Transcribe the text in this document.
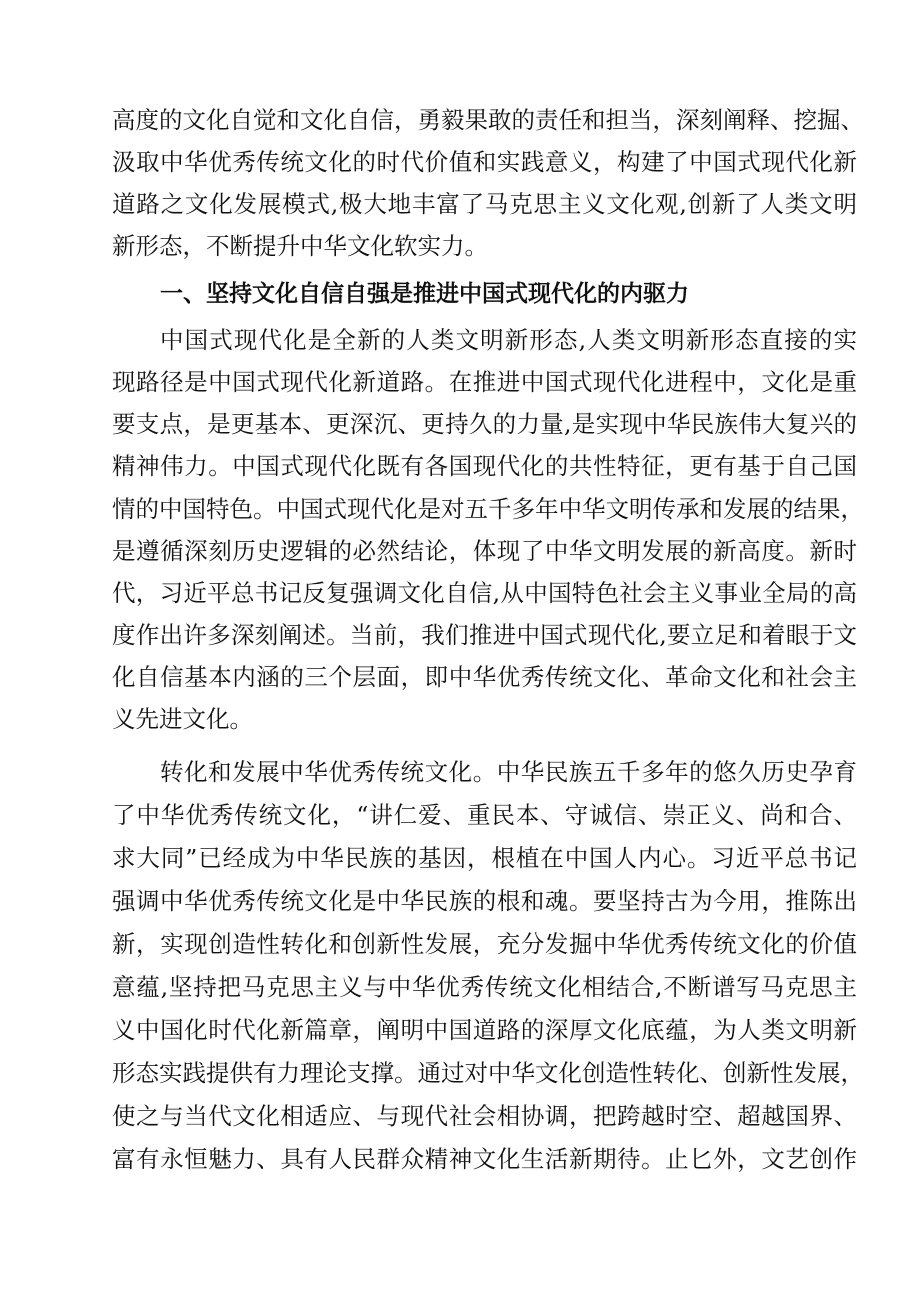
高度的文化自觉和文化自信，勇毅果敢的责任和担当，深刻阐释、挖掘、
汲取中华优秀传统文化的时代价值和实践意义，构建了中国式现代化新
道路之文化发展模式,极大地丰富了马克思主义文化观,创新了人类文明
新形态，不断提升中华文化软实力。
一、坚持文化自信自强是推进中国式现代化的内驱力
中国式现代化是全新的人类文明新形态,人类文明新形态直接的实
现路径是中国式现代化新道路。在推进中国式现代化进程中，文化是重
要支点，是更基本、更深沉、更持久的力量,是实现中华民族伟大复兴的
精神伟力。中国式现代化既有各国现代化的共性特征，更有基于自己国
情的中国特色。中国式现代化是对五千多年中华文明传承和发展的结果，
是遵循深刻历史逻辑的必然结论，体现了中华文明发展的新高度。新时
代，习近平总书记反复强调文化自信,从中国特色社会主义事业全局的高
度作出许多深刻阐述。当前，我们推进中国式现代化,要立足和着眼于文
化自信基本内涵的三个层面，即中华优秀传统文化、革命文化和社会主
义先进文化。
转化和发展中华优秀传统文化。中华民族五千多年的悠久历史孕育
了中华优秀传统文化，“讲仁爱、重民本、守诚信、崇正义、尚和合、
求大同”已经成为中华民族的基因，根植在中国人内心。习近平总书记
强调中华优秀传统文化是中华民族的根和魂。要坚持古为今用，推陈出
新，实现创造性转化和创新性发展，充分发掘中华优秀传统文化的价值
意蕴,坚持把马克思主义与中华优秀传统文化相结合,不断谱写马克思主
义中国化时代化新篇章，阐明中国道路的深厚文化底蕴，为人类文明新
形态实践提供有力理论支撑。通过对中华文化创造性转化、创新性发展，
使之与当代文化相适应、与现代社会相协调，把跨越时空、超越国界、
富有永恒魅力、具有人民群众精神文化生活新期待。止匕外，文艺创作
